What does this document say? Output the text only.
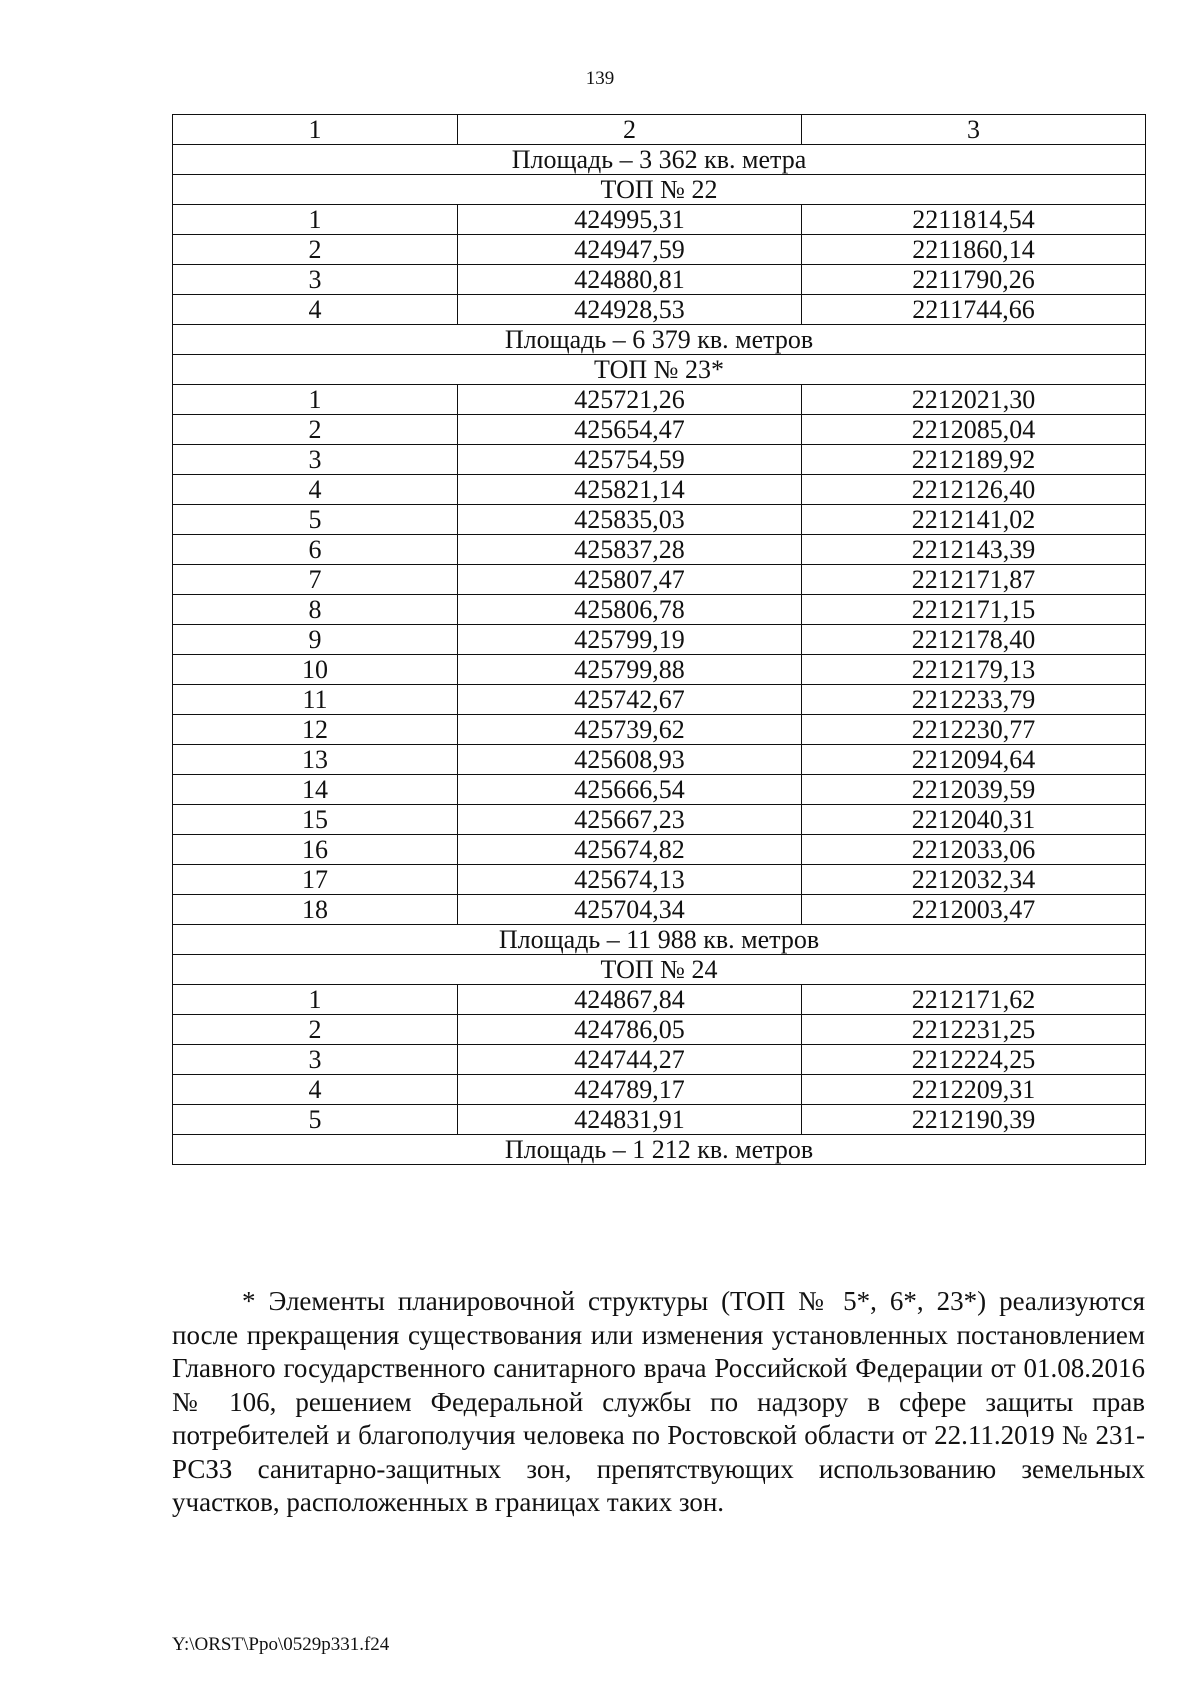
139
1	2	3
Площадь – 3 362 кв. метра		
ТОП № 22		
1	424995,31	2211814,54
2	424947,59	2211860,14
3	424880,81	2211790,26
4	424928,53	2211744,66
Площадь – 6 379 кв. метров		
ТОП № 23*		
1	425721,26	2212021,30
2	425654,47	2212085,04
3	425754,59	2212189,92
4	425821,14	2212126,40
5	425835,03	2212141,02
6	425837,28	2212143,39
7	425807,47	2212171,87
8	425806,78	2212171,15
9	425799,19	2212178,40
10	425799,88	2212179,13
11	425742,67	2212233,79
12	425739,62	2212230,77
13	425608,93	2212094,64
14	425666,54	2212039,59
15	425667,23	2212040,31
16	425674,82	2212033,06
17	425674,13	2212032,34
18	425704,34	2212003,47
Площадь – 11 988 кв. метров		
ТОП № 24		
1	424867,84	2212171,62
2	424786,05	2212231,25
3	424744,27	2212224,25
4	424789,17	2212209,31
5	424831,91	2212190,39
Площадь – 1 212 кв. метров		

* Элементы планировочной структуры (ТОП № 5*, 6*, 23*) реализуются после прекращения существования или изменения установленных постановлением Главного государственного санитарного врача Российской Федерации от 01.08.2016 № 106, решением Федеральной службы по надзору в сфере защиты прав потребителей и благополучия человека по Ростовской области от 22.11.2019 № 231-РСЗЗ санитарно-защитных зон, препятствующих использованию земельных участков, расположенных в границах таких зон.

Y:\ORST\Ppo\0529p331.f24
